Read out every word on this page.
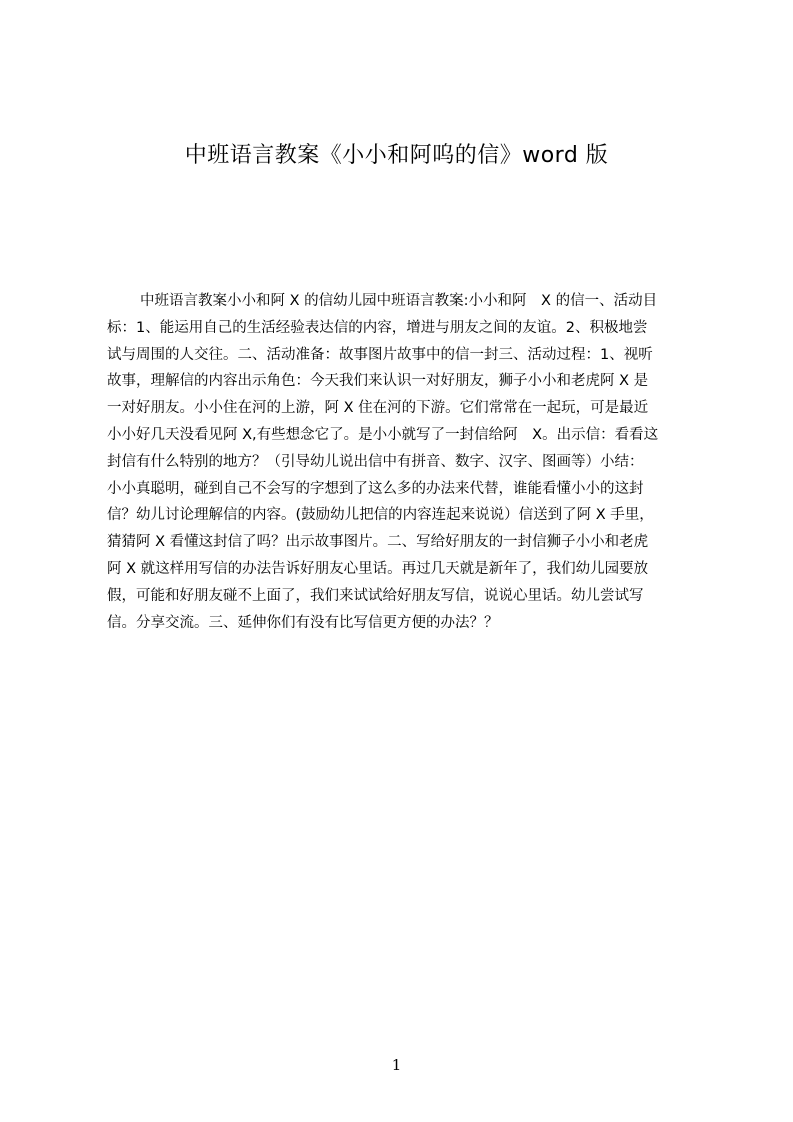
中班语言教案《小小和阿呜的信》word 版
中班语言教案小小和阿 X 的信幼儿园中班语言教案:小小和阿　X 的信一、活动目
标：1、能运用自己的生活经验表达信的内容，增进与朋友之间的友谊。2、积极地尝
试与周围的人交往。二、活动准备：故事图片故事中的信一封三、活动过程：1、视听
故事，理解信的内容出示角色：今天我们来认识一对好朋友，狮子小小和老虎阿 X 是
一对好朋友。小小住在河的上游，阿 X 住在河的下游。它们常常在一起玩，可是最近
小小好几天没看见阿 X,有些想念它了。是小小就写了一封信给阿　X。出示信：看看这
封信有什么特别的地方？（引导幼儿说出信中有拼音、数字、汉字、图画等）小结：
小小真聪明，碰到自己不会写的字想到了这么多的办法来代替，谁能看懂小小的这封
信？幼儿讨论理解信的内容。(鼓励幼儿把信的内容连起来说说）信送到了阿 X 手里，
猜猜阿 X 看懂这封信了吗？出示故事图片。二、写给好朋友的一封信狮子小小和老虎
阿 X 就这样用写信的办法告诉好朋友心里话。再过几天就是新年了，我们幼儿园要放
假，可能和好朋友碰不上面了，我们来试试给好朋友写信，说说心里话。幼儿尝试写
信。分享交流。三、延伸你们有没有比写信更方便的办法？？
1
